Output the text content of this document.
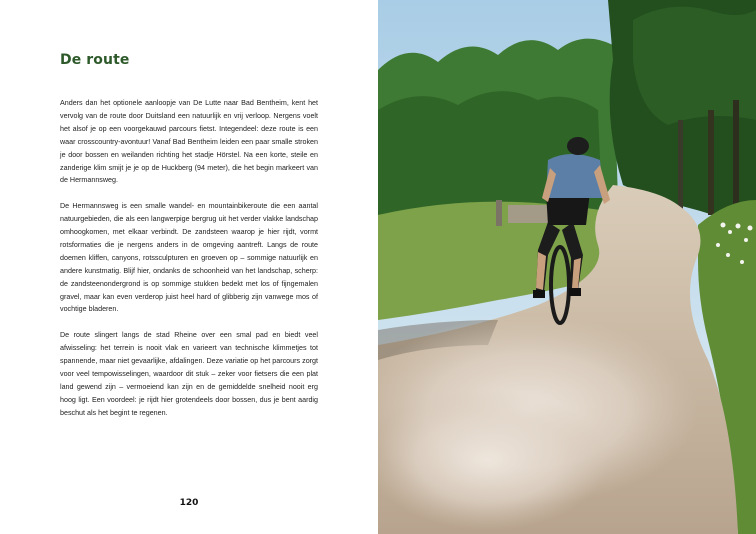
De route

Anders dan het optionele aanloopje van De Lutte naar Bad Bentheim, kent het vervolg van de route door Duitsland een natuurlijk en vrij verloop. Nergens voelt het alsof je op een voorgekauwd parcours fietst. Integendeel: deze route is een waar crosscountry-avontuur! Vanaf Bad Bentheim leiden een paar smalle stroken je door bossen en weilanden richting het stadje Hörstel. Na een korte, steile en zanderige klim smijt je je op de Huckberg (94 meter), die het begin markeert van de Hermannsweg.

De Hermannsweg is een smalle wandel- en mountainbikeroute die een aantal natuurgebieden, die als een langwerpige bergrug uit het verder vlakke landschap omhoogkomen, met elkaar verbindt. De zandsteen waarop je hier rijdt, vormt rotsformaties die je nergens anders in de omgeving aantreft. Langs de route doemen kliffen, canyons, rotssculpturen en groeven op – sommige natuurlijk en andere kunstmatig. Blijf hier, ondanks de schoonheid van het landschap, scherp: de zandsteenondergrond is op sommige stukken bedekt met los of fijngemalen gravel, maar kan even verderop juist heel hard of glibberig zijn vanwege mos of vochtige bladeren.

De route slingert langs de stad Rheine over een smal pad en biedt veel afwisseling: het terrein is nooit vlak en varieert van technische klimmetjes tot spannende, maar niet gevaarlijke, afdalingen. Deze variatie op het parcours zorgt voor veel tempowisselingen, waardoor dit stuk – zeker voor fietsers die een plat land gewend zijn – vermoeiend kan zijn en de gemiddelde snelheid nooit erg hoog ligt. Een voordeel: je rijdt hier grotendeels door bossen, dus je bent aardig beschut als het begint te regenen.

120
